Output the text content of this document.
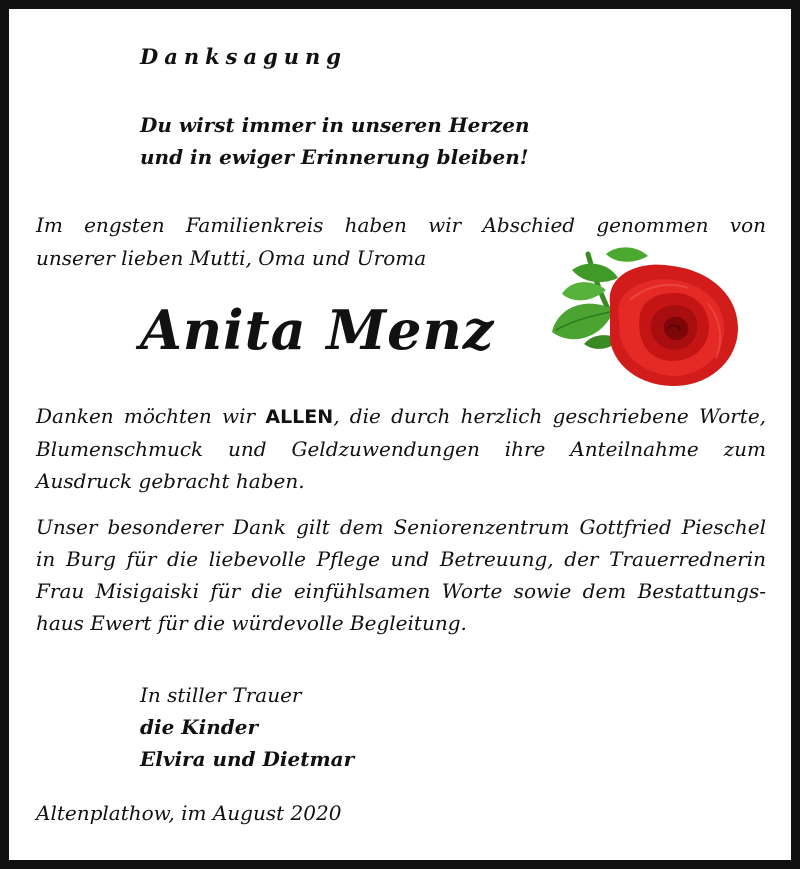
Danksagung
Du wirst immer in unseren Herzen
und in ewiger Erinnerung bleiben!
Im engsten Familienkreis haben wir Abschied genommen von
unserer lieben Mutti, Oma und Uroma
Anita Menz
Danken möchten wir ALLEN, die durch herzlich geschriebene Worte,
Blumenschmuck und Geldzuwendungen ihre Anteilnahme zum
Ausdruck gebracht haben.
Unser besonderer Dank gilt dem Seniorenzentrum Gottfried Pieschel
in Burg für die liebevolle Pflege und Betreuung, der Trauerrednerin
Frau Misigaiski für die einfühlsamen Worte sowie dem Bestattungs-
haus Ewert für die würdevolle Begleitung.
In stiller Trauer
die Kinder
Elvira und Dietmar
Altenplathow, im August 2020
